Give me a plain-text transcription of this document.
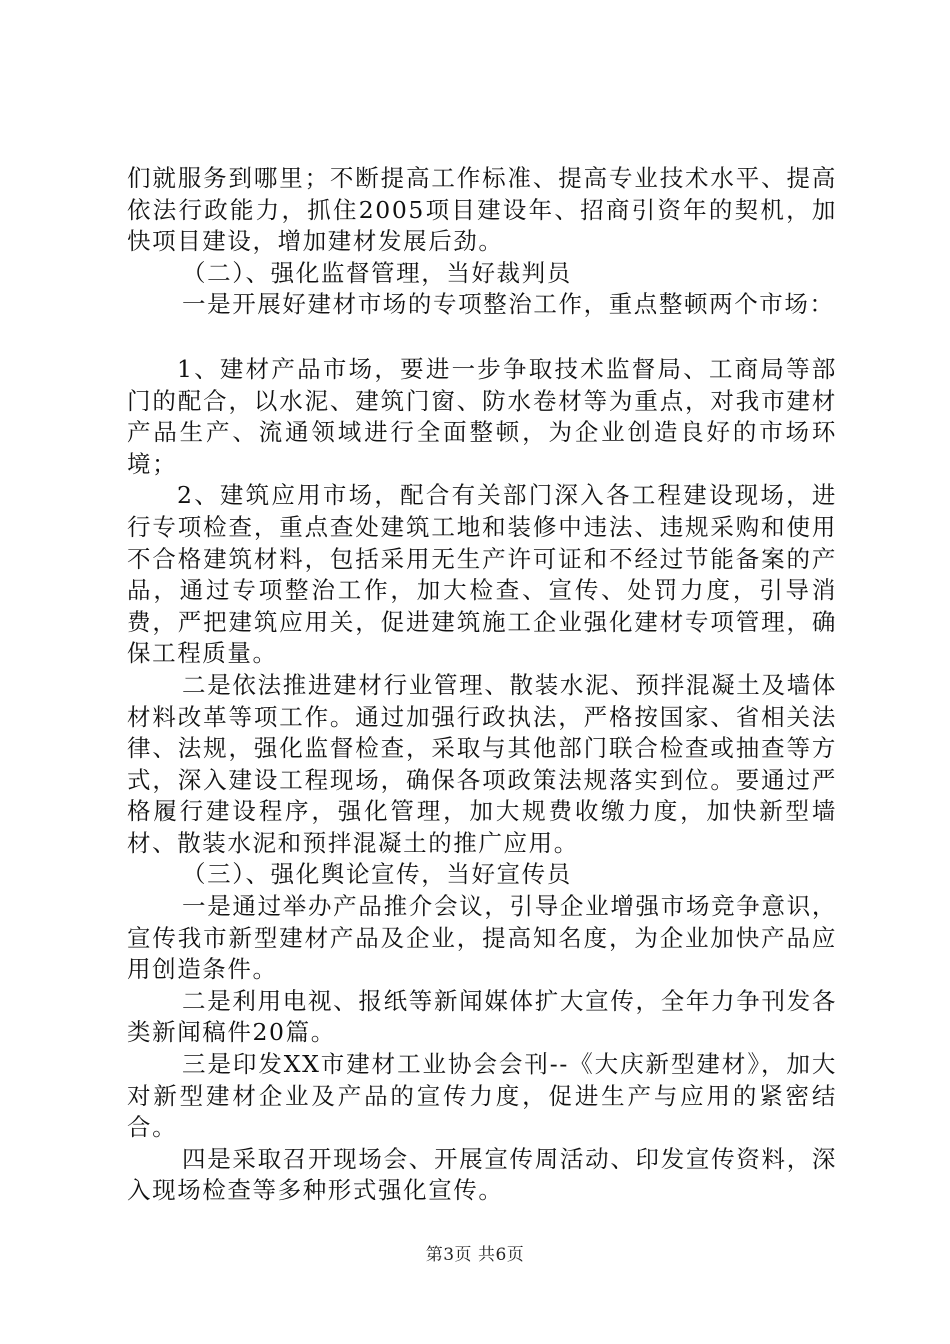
们就服务到哪里；不断提高工作标准、提高专业技术水平、提高依法行政能力，抓住2005项目建设年、招商引资年的契机，加快项目建设，增加建材发展后劲。

（二）、强化监督管理，当好裁判员

一是开展好建材市场的专项整治工作，重点整顿两个市场：

1、建材产品市场，要进一步争取技术监督局、工商局等部门的配合，以水泥、建筑门窗、防水卷材等为重点，对我市建材产品生产、流通领域进行全面整顿，为企业创造良好的市场环境；

2、建筑应用市场，配合有关部门深入各工程建设现场，进行专项检查，重点查处建筑工地和装修中违法、违规采购和使用不合格建筑材料，包括采用无生产许可证和不经过节能备案的产品，通过专项整治工作，加大检查、宣传、处罚力度，引导消费，严把建筑应用关，促进建筑施工企业强化建材专项管理，确保工程质量。

二是依法推进建材行业管理、散装水泥、预拌混凝土及墙体材料改革等项工作。通过加强行政执法，严格按国家、省相关法律、法规，强化监督检查，采取与其他部门联合检查或抽查等方式，深入建设工程现场，确保各项政策法规落实到位。要通过严格履行建设程序，强化管理，加大规费收缴力度，加快新型墙材、散装水泥和预拌混凝土的推广应用。

（三）、强化舆论宣传，当好宣传员

一是通过举办产品推介会议，引导企业增强市场竞争意识，宣传我市新型建材产品及企业，提高知名度，为企业加快产品应用创造条件。

二是利用电视、报纸等新闻媒体扩大宣传，全年力争刊发各类新闻稿件20篇。

三是印发XX市建材工业协会会刊--《大庆新型建材》，加大对新型建材企业及产品的宣传力度，促进生产与应用的紧密结合。

四是采取召开现场会、开展宣传周活动、印发宣传资料，深入现场检查等多种形式强化宣传。

第3页 共6页
